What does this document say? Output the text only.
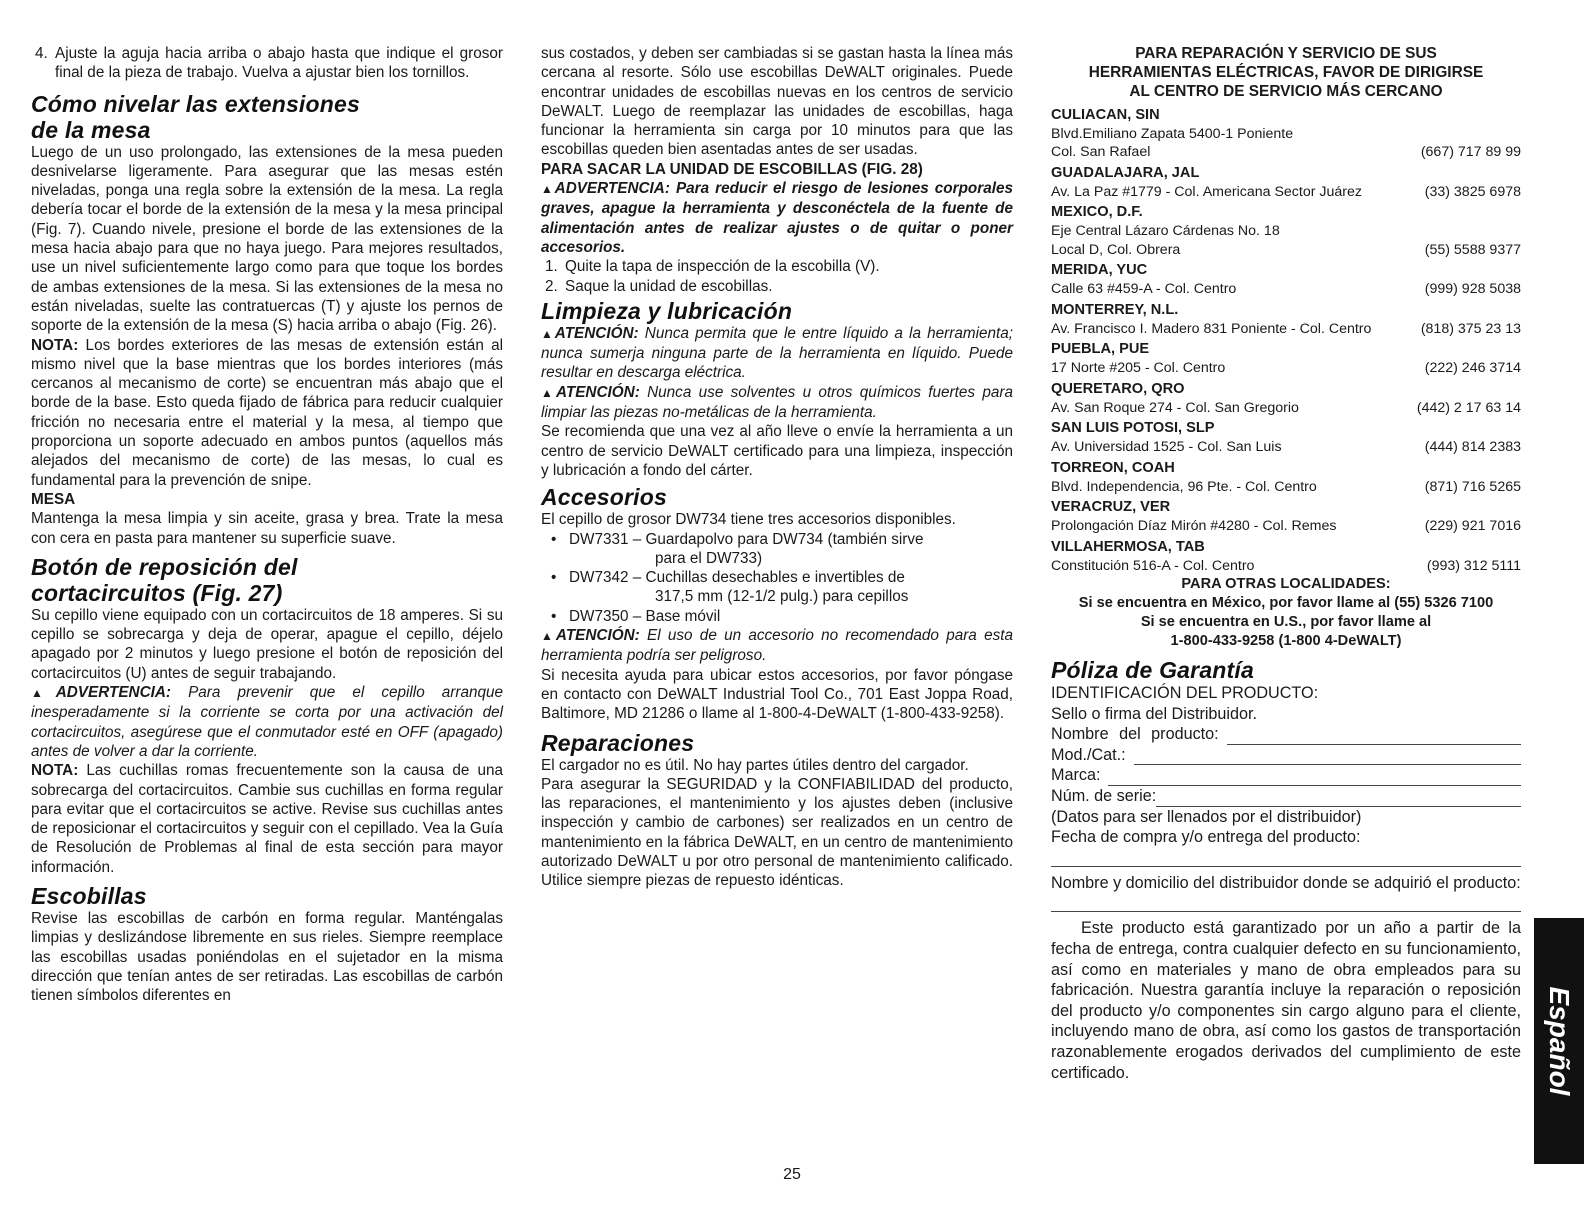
4. Ajuste la aguja hacia arriba o abajo hasta que indique el grosor final de la pieza de trabajo. Vuelva a ajustar bien los tornillos.

Cómo nivelar las extensiones
de la mesa

Luego de un uso prolongado, las extensiones de la mesa pueden desnivelarse ligeramente. Para asegurar que las mesas estén niveladas, ponga una regla sobre la extensión de la mesa. La regla debería tocar el borde de la extensión de la mesa y la mesa principal (Fig. 7). Cuando nivele, presione el borde de las extensiones de la mesa hacia abajo para que no haya juego. Para mejores resultados, use un nivel suficientemente largo como para que toque los bordes de ambas extensiones de la mesa. Si las extensiones de la mesa no están niveladas, suelte las contratuercas (T) y ajuste los pernos de soporte de la extensión de la mesa (S) hacia arriba o abajo (Fig. 26).

NOTA: Los bordes exteriores de las mesas de extensión están al mismo nivel que la base mientras que los bordes interiores (más cercanos al mecanismo de corte) se encuentran más abajo que el borde de la base. Esto queda fijado de fábrica para reducir cualquier fricción no necesaria entre el material y la mesa, al tiempo que proporciona un soporte adecuado en ambos puntos (aquellos más alejados del mecanismo de corte) de las mesas, lo cual es fundamental para la prevención de snipe.

MESA

Mantenga la mesa limpia y sin aceite, grasa y brea. Trate la mesa con cera en pasta para mantener su superficie suave.

Botón de reposición del
cortacircuitos (Fig. 27)

Su cepillo viene equipado con un cortacircuitos de 18 amperes. Si su cepillo se sobrecarga y deja de operar, apague el cepillo, déjelo apagado por 2 minutos y luego presione el botón de reposición del cortacircuitos (U) antes de seguir trabajando.

▲ADVERTENCIA: Para prevenir que el cepillo arranque inesperadamente si la corriente se corta por una activación del cortacircuitos, asegúrese que el conmutador esté en OFF (apagado) antes de volver a dar la corriente.

NOTA: Las cuchillas romas frecuentemente son la causa de una sobrecarga del cortacircuitos. Cambie sus cuchillas en forma regular para evitar que el cortacircuitos se active. Revise sus cuchillas antes de reposicionar el cortacircuitos y seguir con el cepillado. Vea la Guía de Resolución de Problemas al final de esta sección para mayor información.

Escobillas

Revise las escobillas de carbón en forma regular. Manténgalas limpias y deslizándose libremente en sus rieles. Siempre reemplace las escobillas usadas poniéndolas en el sujetador en la misma dirección que tenían antes de ser retiradas. Las escobillas de carbón tienen símbolos diferentes en

sus costados, y deben ser cambiadas si se gastan hasta la línea más cercana al resorte. Sólo use escobillas DeWALT originales. Puede encontrar unidades de escobillas nuevas en los centros de servicio DeWALT. Luego de reemplazar las unidades de escobillas, haga funcionar la herramienta sin carga por 10 minutos para que las escobillas queden bien asentadas antes de ser usadas.

PARA SACAR LA UNIDAD DE ESCOBILLAS (FIG. 28)

▲ADVERTENCIA: Para reducir el riesgo de lesiones corporales graves, apague la herramienta y desconéctela de la fuente de alimentación antes de realizar ajustes o de quitar o poner accesorios.

1. Quite la tapa de inspección de la escobilla (V).
2. Saque la unidad de escobillas.
Limpieza y lubricación

▲ATENCIÓN: Nunca permita que le entre líquido a la herramienta; nunca sumerja ninguna parte de la herramienta en líquido. Puede resultar en descarga eléctrica.

▲ATENCIÓN: Nunca use solventes u otros químicos fuertes para limpiar las piezas no-metálicas de la herramienta.

Se recomienda que una vez al año lleve o envíe la herramienta a un centro de servicio DeWALT certificado para una limpieza, inspección y lubricación a fondo del cárter.

Accesorios

El cepillo de grosor DW734 tiene tres accesorios disponibles.

• DW7331 – Guardapolvo para DW734 (también sirve
para el DW733)
• DW7342 – Cuchillas desechables e invertibles de
317,5 mm (12-1/2 pulg.) para cepillos
• DW7350 – Base móvil

▲ATENCIÓN: El uso de un accesorio no recomendado para esta herramienta podría ser peligroso.

Si necesita ayuda para ubicar estos accesorios, por favor póngase en contacto con DeWALT Industrial Tool Co., 701 East Joppa Road, Baltimore, MD 21286 o llame al 1-800-4-DeWALT (1-800-433-9258).

Reparaciones

El cargador no es útil. No hay partes útiles dentro del cargador.

Para asegurar la SEGURIDAD y la CONFIABILIDAD del producto, las reparaciones, el mantenimiento y los ajustes deben (inclusive inspección y cambio de carbones) ser realizados en un centro de mantenimiento en la fábrica DeWALT, en un centro de mantenimiento autorizado DeWALT u por otro personal de mantenimiento calificado. Utilice siempre piezas de repuesto idénticas.

PARA REPARACIÓN Y SERVICIO DE SUS
HERRAMIENTAS ELÉCTRICAS, FAVOR DE DIRIGIRSE
AL CENTRO DE SERVICIO MÁS CERCANO
CULIACAN, SIN
Blvd.Emiliano Zapata 5400-1 Poniente
Col. San Rafael	(667) 717 89 99
GUADALAJARA, JAL
Av. La Paz #1779 - Col. Americana Sector Juárez	(33) 3825 6978
MEXICO, D.F.
Eje Central Lázaro Cárdenas No. 18
Local D, Col. Obrera	(55) 5588 9377
MERIDA, YUC
Calle 63 #459-A - Col. Centro	(999) 928 5038
MONTERREY, N.L.
Av. Francisco I. Madero 831 Poniente - Col. Centro	(818) 375 23 13
PUEBLA, PUE
17 Norte #205 - Col. Centro	(222) 246 3714
QUERETARO, QRO
Av. San Roque 274 - Col. San Gregorio	(442) 2 17 63 14
SAN LUIS POTOSI, SLP
Av. Universidad 1525 - Col. San Luis	(444) 814 2383
TORREON, COAH
Blvd. Independencia, 96 Pte. - Col. Centro	(871) 716 5265
VERACRUZ, VER
Prolongación Díaz Mirón #4280 - Col. Remes	(229) 921 7016
VILLAHERMOSA, TAB
Constitución 516-A - Col. Centro	(993) 312 5111
PARA OTRAS LOCALIDADES:
Si se encuentra en México, por favor llame al (55) 5326 7100
Si se encuentra en U.S., por favor llame al
1-800-433-9258 (1-800 4-DeWALT)
Póliza de Garantía
IDENTIFICACIÓN DEL PRODUCTO:
Sello o firma del Distribuidor.
Nombre del producto:
Mod./Cat.:
Marca:
Núm. de serie:
(Datos para ser llenados por el distribuidor)
Fecha de compra y/o entrega del producto:

Nombre y domicilio del distribuidor donde se adquirió el producto:

Este producto está garantizado por un año a partir de la fecha de entrega, contra cualquier defecto en su funcionamiento, así como en materiales y mano de obra empleados para su fabricación. Nuestra garantía incluye la reparación o reposición del producto y/o componentes sin cargo alguno para el cliente, incluyendo mano de obra, así como los gastos de transportación razonablemente erogados derivados del cumplimiento de este certificado.	Español
25
